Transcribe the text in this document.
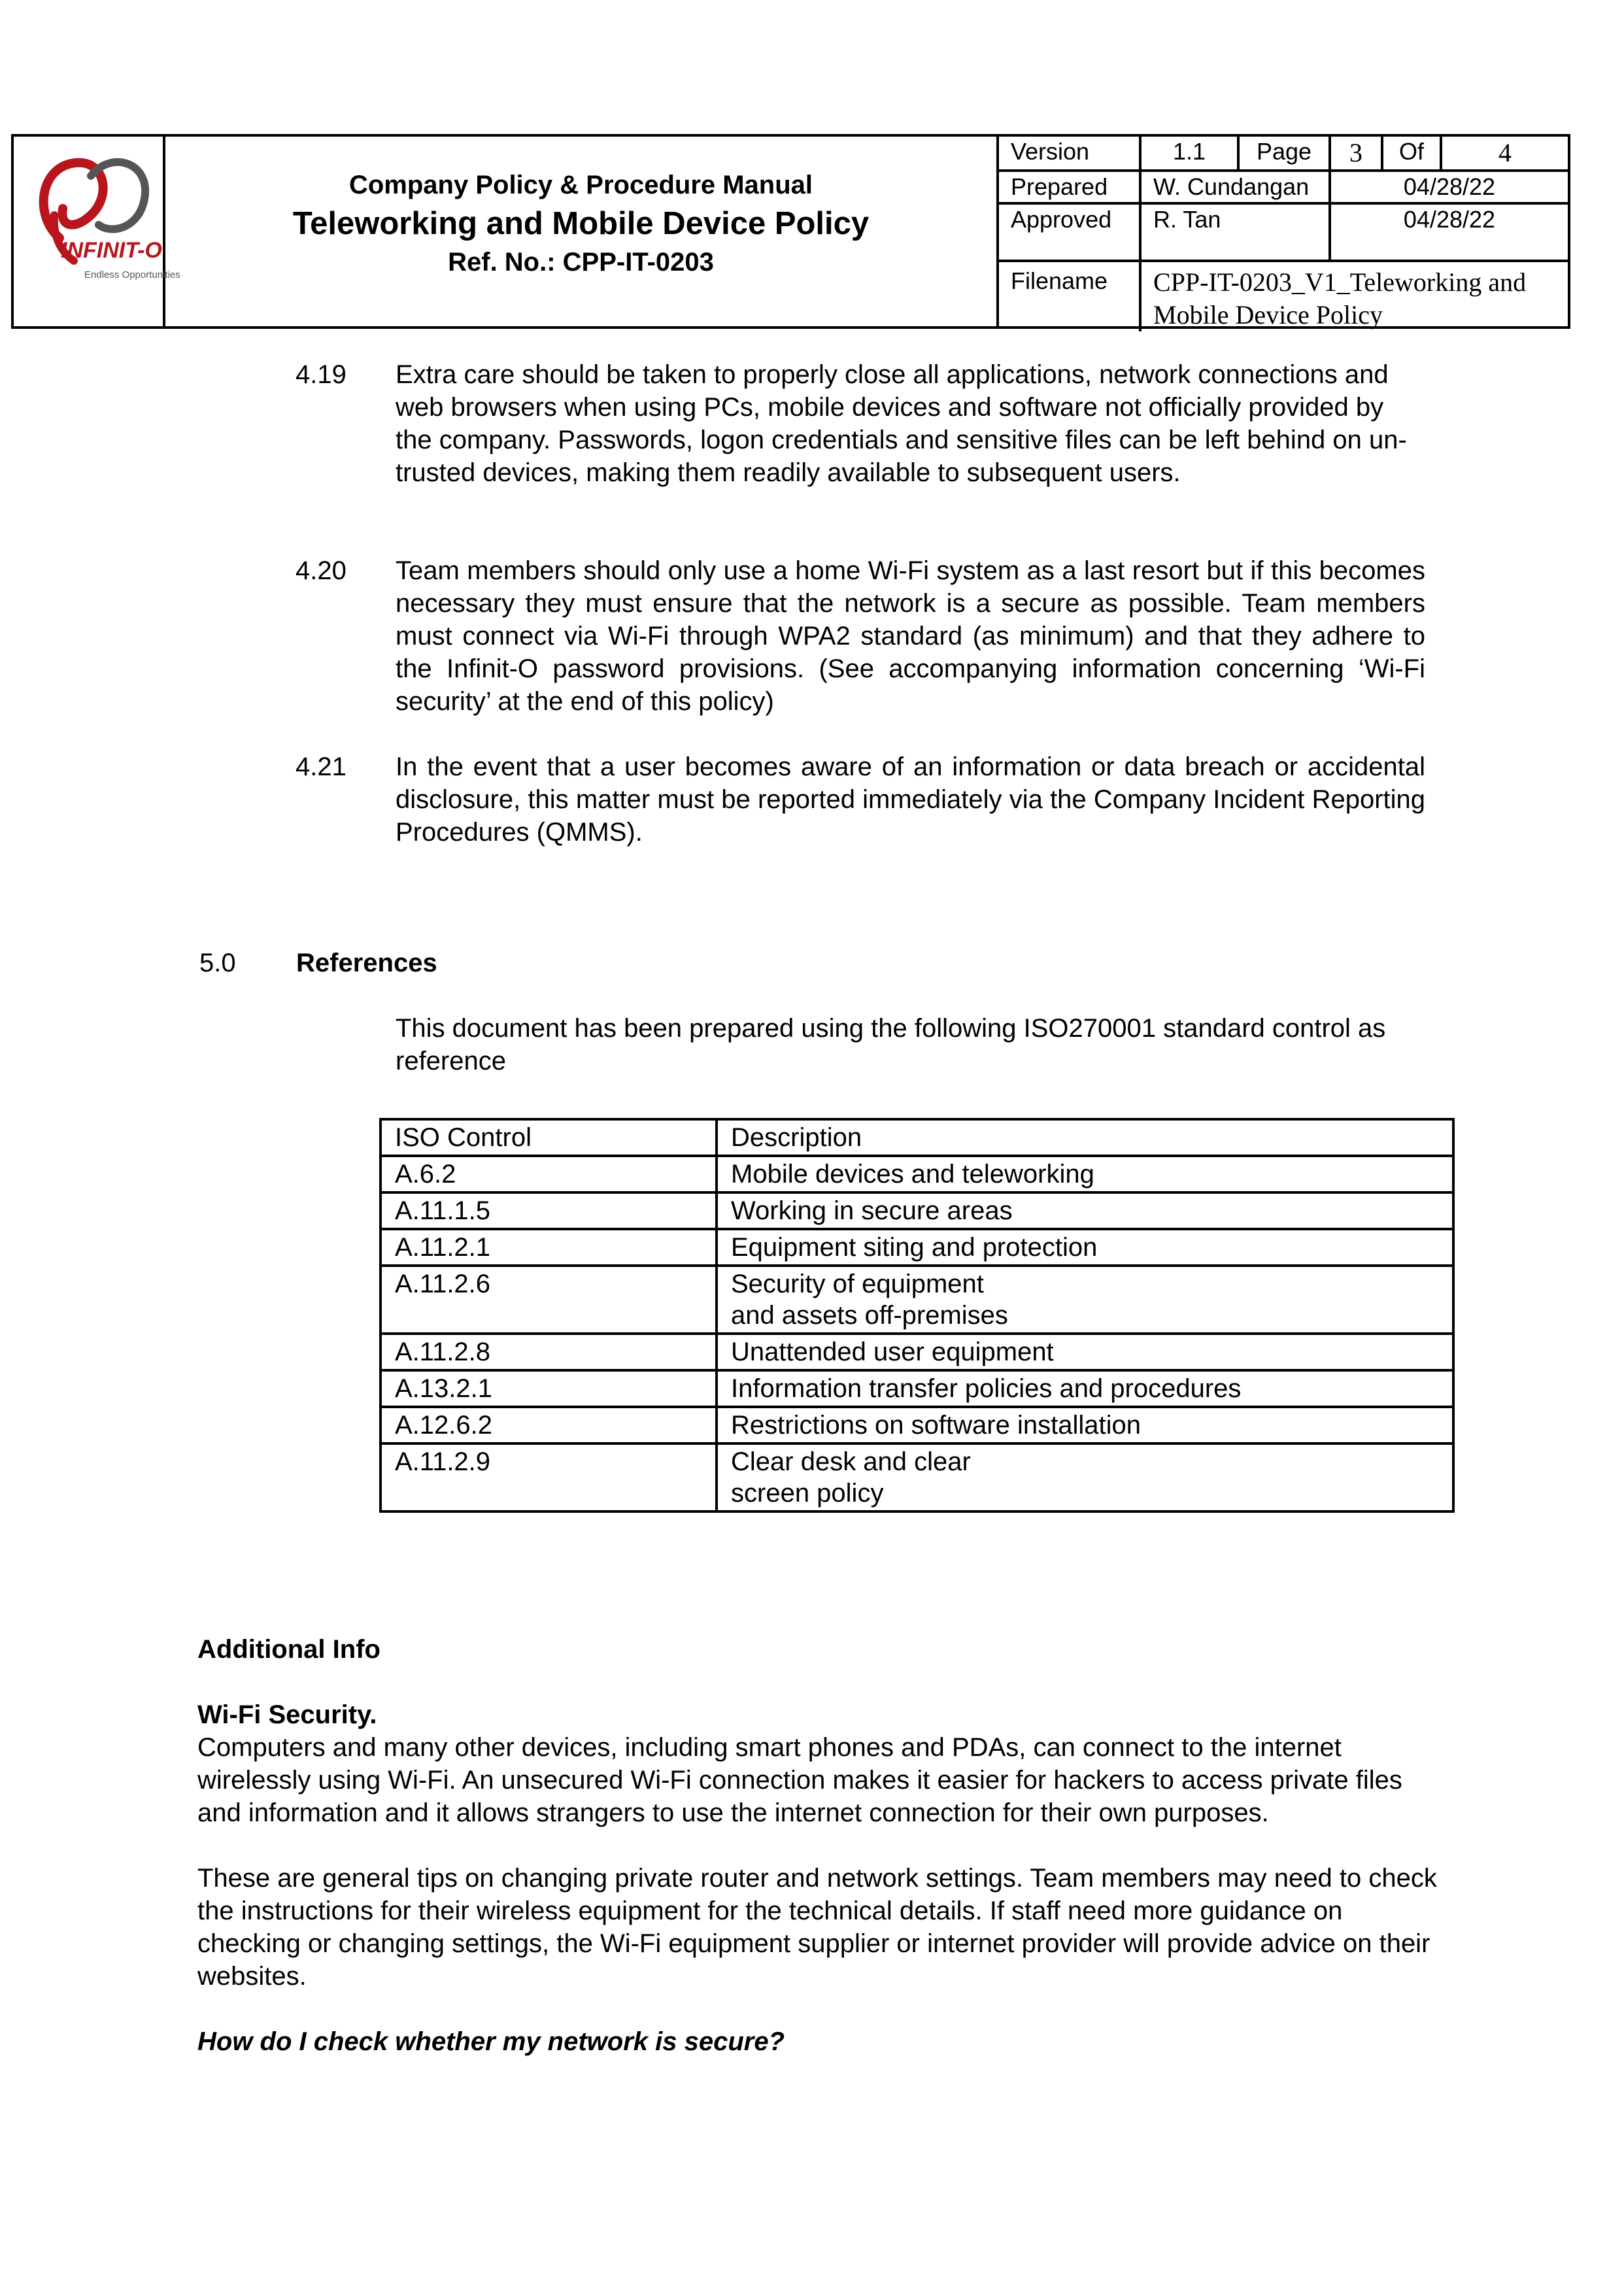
INFINIT-O
Endless Opportunities
Company Policy & Procedure Manual
Teleworking and Mobile Device Policy
Ref. No.: CPP-IT-0203
Version	1.1	Page	3	Of	4
Prepared	W. Cundangan		04/28/22		
Approved	R. Tan		04/28/22		
Filename	CPP-IT-0203_V1_Teleworking and Mobile Device Policy				
4.19 Extra care should be taken to properly close all applications, network connections and web browsers when using PCs, mobile devices and software not officially provided by the company. Passwords, logon credentials and sensitive files can be left behind on un-trusted devices, making them readily available to subsequent users.
4.20 Team members should only use a home Wi-Fi system as a last resort but if this becomes necessary they must ensure that the network is a secure as possible. Team members must connect via Wi-Fi through WPA2 standard (as minimum) and that they adhere to the Infinit-O password provisions. (See accompanying information concerning ‘Wi-Fi security’ at the end of this policy)
4.21 In the event that a user becomes aware of an information or data breach or accidental disclosure, this matter must be reported immediately via the Company Incident Reporting Procedures (QMMS).
5.0 References
This document has been prepared using the following ISO270001 standard control as reference
ISO Control	Description
A.6.2	Mobile devices and teleworking
A.11.1.5	Working in secure areas
A.11.2.1	Equipment siting and protection
A.11.2.6	Security of equipment
and assets off-premises
A.11.2.8	Unattended user equipment
A.13.2.1	Information transfer policies and procedures
A.12.6.2	Restrictions on software installation
A.11.2.9	Clear desk and clear
screen policy
Additional Info
Wi-Fi Security.
Computers and many other devices, including smart phones and PDAs, can connect to the internet wirelessly using Wi-Fi. An unsecured Wi-Fi connection makes it easier for hackers to access private files and information and it allows strangers to use the internet connection for their own purposes.
These are general tips on changing private router and network settings. Team members may need to check the instructions for their wireless equipment for the technical details. If staff need more guidance on checking or changing settings, the Wi-Fi equipment supplier or internet provider will provide advice on their websites.
How do I check whether my network is secure?
